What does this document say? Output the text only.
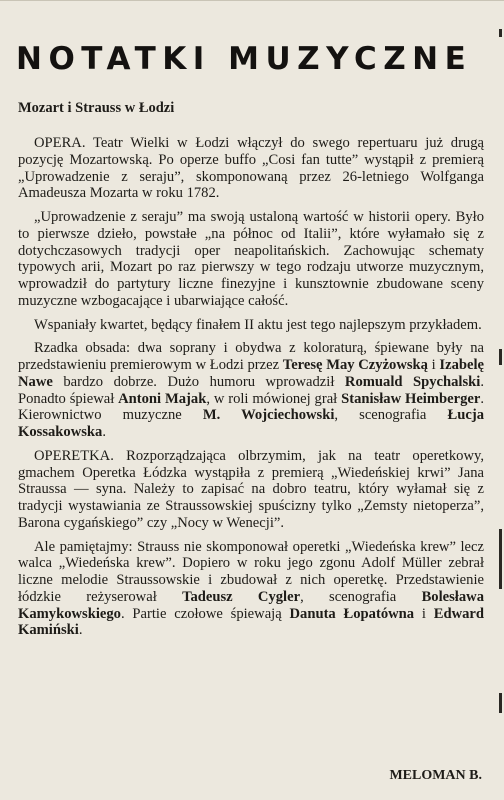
NOTATKI MUZYCZNE
Mozart i Strauss w Łodzi

OPERA. Teatr Wielki w Łodzi włączył do swego repertuaru już drugą pozycję Mozartowską. Po operze buffo „Cosi fan tutte” wystąpił z premierą „Uprowadzenie z seraju”, skomponowaną przez 26-letniego Wolfganga Amadeusza Mozarta w roku 1782.

„Uprowadzenie z seraju” ma swoją ustaloną wartość w historii opery. Było to pierwsze dzieło, powstałe „na północ od Italii”, które wyłamało się z dotychczasowych tradycji oper neapolitańskich. Zachowując schematy typowych arii, Mozart po raz pierwszy w tego rodzaju utworze muzycznym, wprowadził do partytury liczne finezyjne i kunsztownie zbudowane sceny muzyczne wzbogacające i ubarwiające całość.

Wspaniały kwartet, będący finałem II aktu jest tego najlepszym przykładem.

Rzadka obsada: dwa soprany i obydwa z koloraturą, śpiewane były na przedstawieniu premierowym w Łodzi przez Teresę May Czyżowską i Izabelę Nawe bardzo dobrze. Dużo humoru wprowadził Romuald Spychalski. Ponadto śpiewał Antoni Majak, w roli mówionej grał Stanisław Heimberger. Kierownictwo muzyczne M. Wojciechowski, scenografia Łucja Kossakowska.

OPERETKA. Rozporządzająca olbrzymim, jak na teatr operetkowy, gmachem Operetka Łódzka wystąpiła z premierą „Wiedeńskiej krwi” Jana Straussa — syna. Należy to zapisać na dobro teatru, który wyłamał się z tradycji wystawiania ze Straussowskiej spuścizny tylko „Zemsty nietoperza”, Barona cygańskiego” czy „Nocy w Wenecji”.

Ale pamiętajmy: Strauss nie skomponował operetki „Wiedeńska krew” lecz walca „Wiedeńska krew”. Dopiero w roku jego zgonu Adolf Müller zebrał liczne melodie Straussowskie i zbudował z nich operetkę. Przedstawienie łódzkie reżyserował Tadeusz Cygler, scenografia Bolesława Kamykowskiego. Partie czołowe śpiewają Danuta Łopatówna i Edward Kamiński.

MELOMAN B.
